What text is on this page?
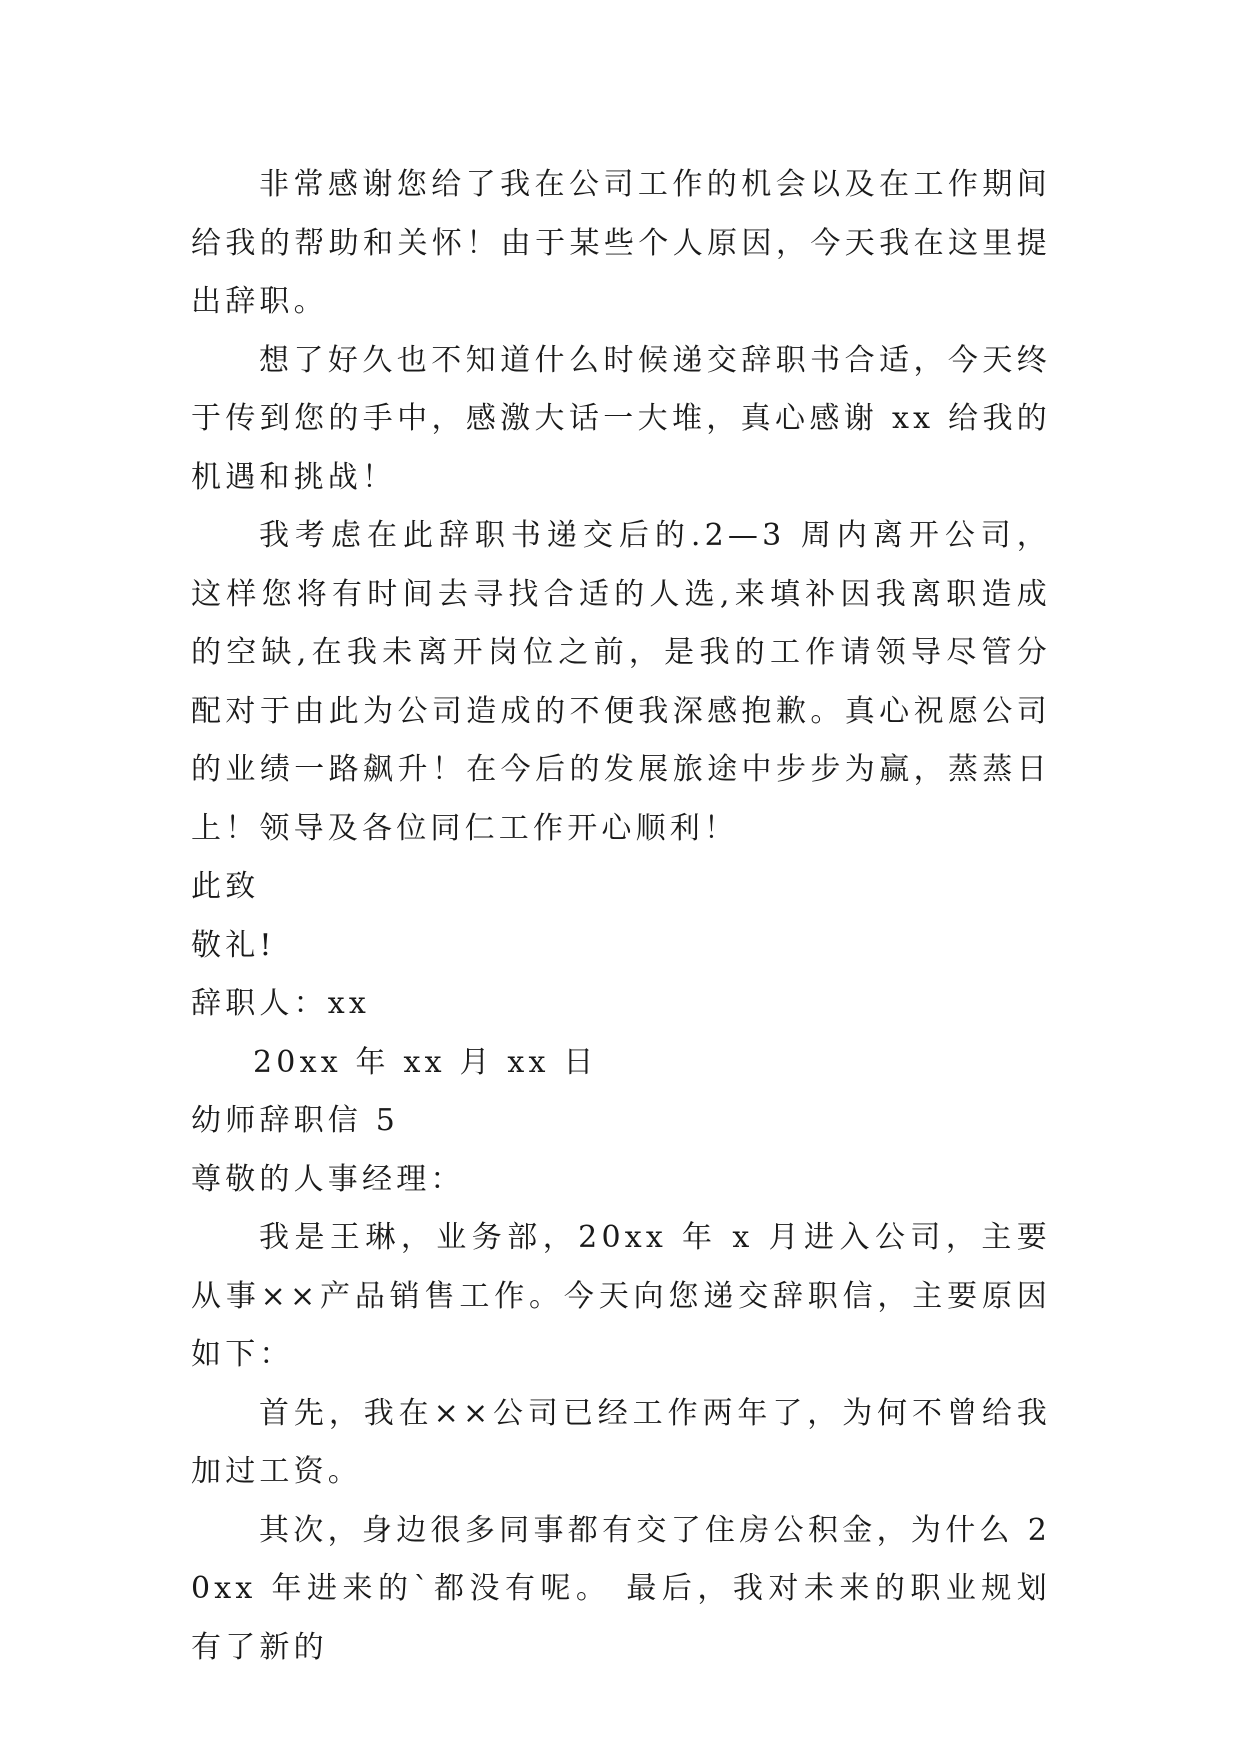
非常感谢您给了我在公司工作的机会以及在工作期间给我的帮助和关怀！由于某些个人原因，今天我在这里提出辞职。

想了好久也不知道什么时候递交辞职书合适，今天终于传到您的手中，感激大话一大堆，真心感谢 xx 给我的机遇和挑战！

我考虑在此辞职书递交后的.2—3 周内离开公司，这样您将有时间去寻找合适的人选,来填补因我离职造成的空缺,在我未离开岗位之前，是我的工作请领导尽管分配对于由此为公司造成的不便我深感抱歉。真心祝愿公司的业绩一路飙升！在今后的发展旅途中步步为赢，蒸蒸日上！领导及各位同仁工作开心顺利！

此致

敬礼!

辞职人：xx

20xx 年 xx 月 xx 日

幼师辞职信 5

尊敬的人事经理：

我是王琳，业务部，20xx 年 x 月进入公司，主要从事××产品销售工作。今天向您递交辞职信，主要原因如下：

首先，我在××公司已经工作两年了，为何不曾给我加过工资。

其次，身边很多同事都有交了住房公积金，为什么 20xx 年进来的`都没有呢。 最后，我对未来的职业规划有了新的
